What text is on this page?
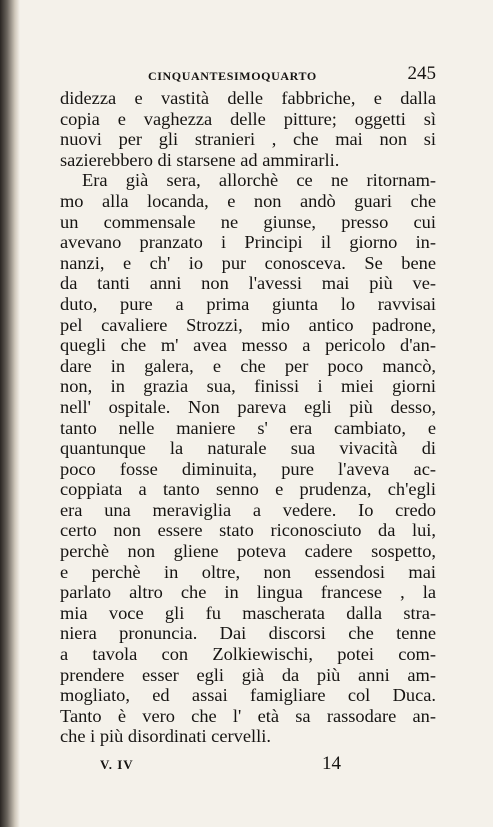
CINQUANTESIMOQUARTO	245
didezza e vastità delle fabbriche, e dalla
copia e vaghezza delle pitture; oggetti sì
nuovi per gli stranieri , che mai non si
sazierebbero di starsene ad ammirarli.
Era già sera, allorchè ce ne ritornam-
mo alla locanda, e non andò guari che
un commensale ne giunse, presso cui
avevano pranzato i Principi il giorno in-
nanzi, e ch' io pur conosceva. Se bene
da tanti anni non l'avessi mai più ve-
duto, pure a prima giunta lo ravvisai
pel cavaliere Strozzi, mio antico padrone,
quegli che m' avea messo a pericolo d'an-
dare in galera, e che per poco mancò,
non, in grazia sua, finissi i miei giorni
nell' ospitale. Non pareva egli più desso,
tanto nelle maniere s' era cambiato, e
quantunque la naturale sua vivacità di
poco fosse diminuita, pure l'aveva ac-
coppiata a tanto senno e prudenza, ch'egli
era una meraviglia a vedere. Io credo
certo non essere stato riconosciuto da lui,
perchè non gliene poteva cadere sospetto,
e perchè in oltre, non essendosi mai
parlato altro che in lingua francese , la
mia voce gli fu mascherata dalla stra-
niera pronuncia. Dai discorsi che tenne
a tavola con Zolkiewischi, potei com-
prendere esser egli già da più anni am-
mogliato, ed assai famigliare col Duca.
Tanto è vero che l' età sa rassodare an-
che i più disordinati cervelli.
V. IV	14
